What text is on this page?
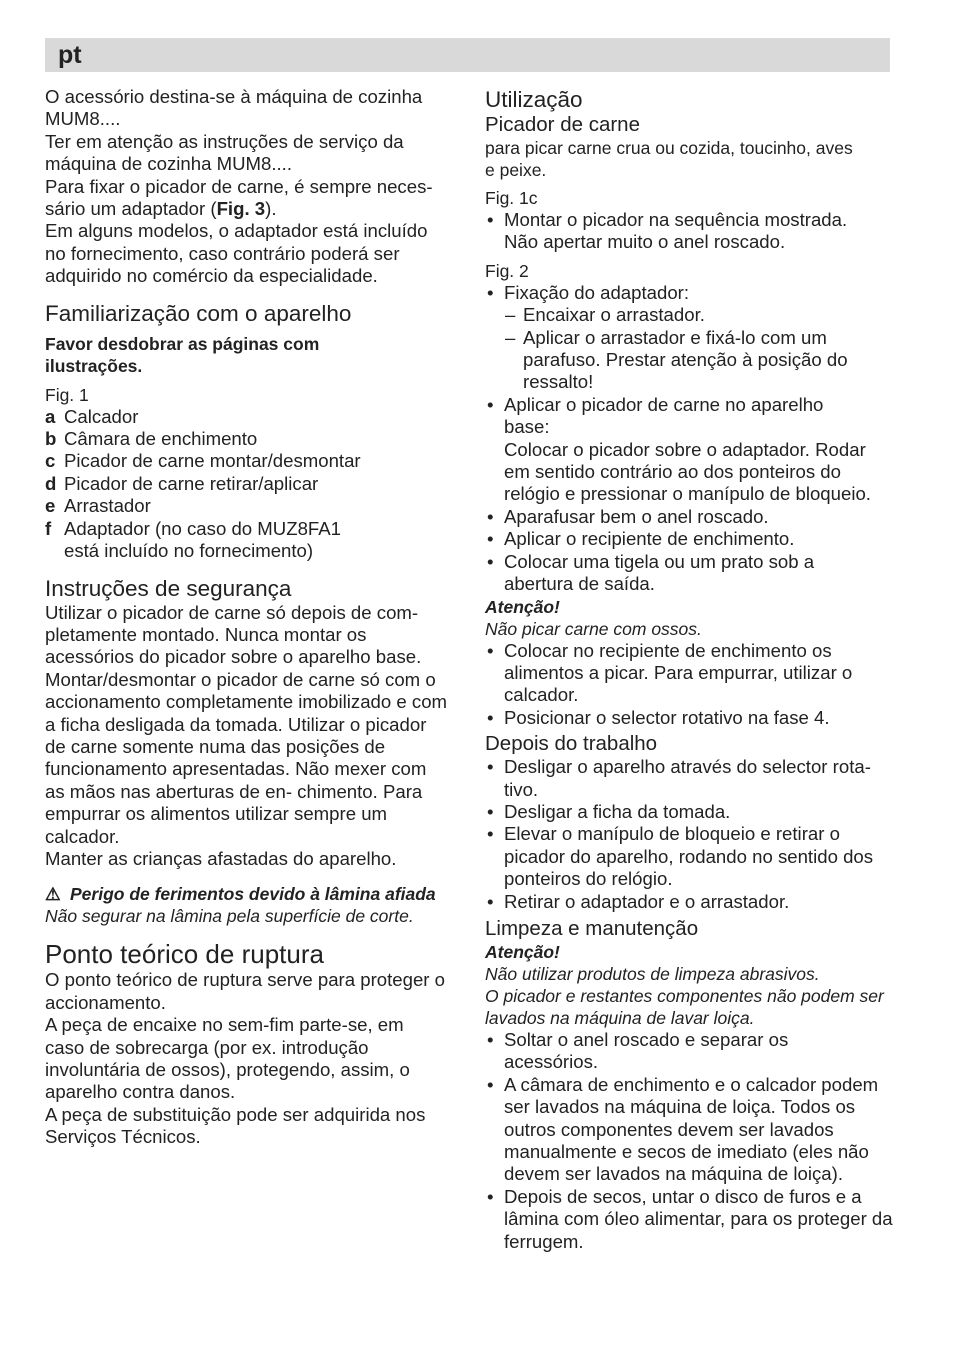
pt

O acessório destina-se à máquina de cozinha MUM8....

Ter em atenção as instruções de serviço da máquina de cozinha MUM8....

Para fixar o picador de carne, é sempre neces- sário um adaptador (Fig. 3).

Em alguns modelos, o adaptador está incluído no fornecimento, caso contrário poderá ser adquirido no comércio da especialidade.

Familiarização com o aparelho

Favor desdobrar as páginas com ilustrações.

Fig. 1

a Calcador
b Câmara de enchimento
c Picador de carne montar/desmontar
d Picador de carne retirar/aplicar
e Arrastador
f Adaptador (no caso do MUZ8FA1 está incluído no fornecimento)

Instruções de segurança

Utilizar o picador de carne só depois de com- pletamente montado. Nunca montar os acessórios do picador sobre o aparelho base. Montar/desmontar o picador de carne só com o accionamento completamente imobilizado e com a ficha desligada da tomada. Utilizar o picador de carne somente numa das posições de funcionamento apresentadas. Não mexer com as mãos nas aberturas de en- chimento. Para empurrar os alimentos utilizar sempre um calcador.

Manter as crianças afastadas do aparelho.

⚠ Perigo de ferimentos devido à lâmina afiada

Não segurar na lâmina pela superfície de corte.

Ponto teórico de ruptura

O ponto teórico de ruptura serve para proteger o accionamento.

A peça de encaixe no sem-fim parte-se, em caso de sobrecarga (por ex. introdução involuntária de ossos), protegendo, assim, o aparelho contra danos.

A peça de substituição pode ser adquirida nos Serviços Técnicos.

Utilização

Picador de carne

para picar carne crua ou cozida, toucinho, aves e peixe.

Fig. 1c

• Montar o picador na sequência mostrada. Não apertar muito o anel roscado.

Fig. 2

• Fixação do adaptador:
– Encaixar o arrastador.
– Aplicar o arrastador e fixá-lo com um parafuso. Prestar atenção à posição do ressalto!
• Aplicar o picador de carne no aparelho base:
Colocar o picador sobre o adaptador. Rodar em sentido contrário ao dos ponteiros do relógio e pressionar o manípulo de bloqueio.
• Aparafusar bem o anel roscado.
• Aplicar o recipiente de enchimento.
• Colocar uma tigela ou um prato sob a abertura de saída.

Atenção!

Não picar carne com ossos.

• Colocar no recipiente de enchimento os alimentos a picar. Para empurrar, utilizar o calcador.
• Posicionar o selector rotativo na fase 4.

Depois do trabalho

• Desligar o aparelho através do selector rota- tivo.
• Desligar a ficha da tomada.
• Elevar o manípulo de bloqueio e retirar o picador do aparelho, rodando no sentido dos ponteiros do relógio.
• Retirar o adaptador e o arrastador.

Limpeza e manutenção

Atenção!

Não utilizar produtos de limpeza abrasivos.

O picador e restantes componentes não podem ser lavados na máquina de lavar loiça.

• Soltar o anel roscado e separar os acessórios.
• A câmara de enchimento e o calcador podem ser lavados na máquina de loiça. Todos os outros componentes devem ser lavados manualmente e secos de imediato (eles não devem ser lavados na máquina de loiça).
• Depois de secos, untar o disco de furos e a lâmina com óleo alimentar, para os proteger da ferrugem.
